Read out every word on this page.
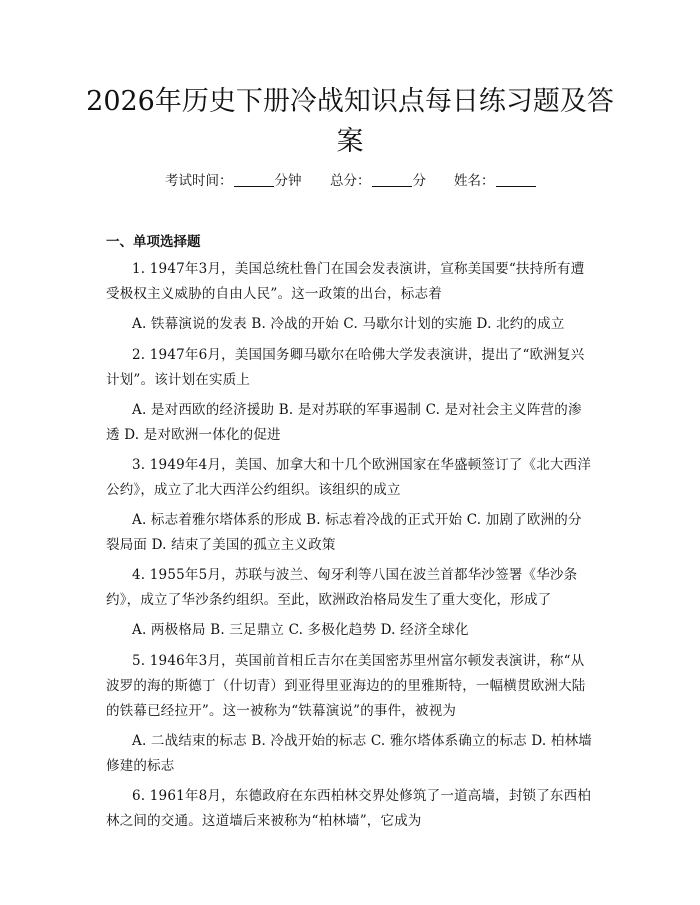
2026年历史下册冷战知识点每日练习题及答案
考试时间：	分钟 总分：	分 姓名：
一、单项选择题

1. 1947年3月，美国总统杜鲁门在国会发表演讲，宣称美国要“扶持所有遭受极权主义威胁的自由人民”。这一政策的出台，标志着

A. 铁幕演说的发表 B. 冷战的开始 C. 马歇尔计划的实施 D. 北约的成立

2. 1947年6月，美国国务卿马歇尔在哈佛大学发表演讲，提出了“欧洲复兴计划”。该计划在实质上

A. 是对西欧的经济援助 B. 是对苏联的军事遏制 C. 是对社会主义阵营的渗透 D. 是对欧洲一体化的促进

3. 1949年4月，美国、加拿大和十几个欧洲国家在华盛顿签订了《北大西洋公约》，成立了北大西洋公约组织。该组织的成立

A. 标志着雅尔塔体系的形成 B. 标志着冷战的正式开始 C. 加剧了欧洲的分裂局面 D. 结束了美国的孤立主义政策

4. 1955年5月，苏联与波兰、匈牙利等八国在波兰首都华沙签署《华沙条约》，成立了华沙条约组织。至此，欧洲政治格局发生了重大变化，形成了

A. 两极格局 B. 三足鼎立 C. 多极化趋势 D. 经济全球化

5. 1946年3月，英国前首相丘吉尔在美国密苏里州富尔顿发表演讲，称“从波罗的海的斯德丁（什切青）到亚得里亚海边的的里雅斯特，一幅横贯欧洲大陆的铁幕已经拉开”。这一被称为“铁幕演说”的事件，被视为

A. 二战结束的标志 B. 冷战开始的标志 C. 雅尔塔体系确立的标志 D. 柏林墙修建的标志

6. 1961年8月，东德政府在东西柏林交界处修筑了一道高墙，封锁了东西柏林之间的交通。这道墙后来被称为“柏林墙”，它成为
